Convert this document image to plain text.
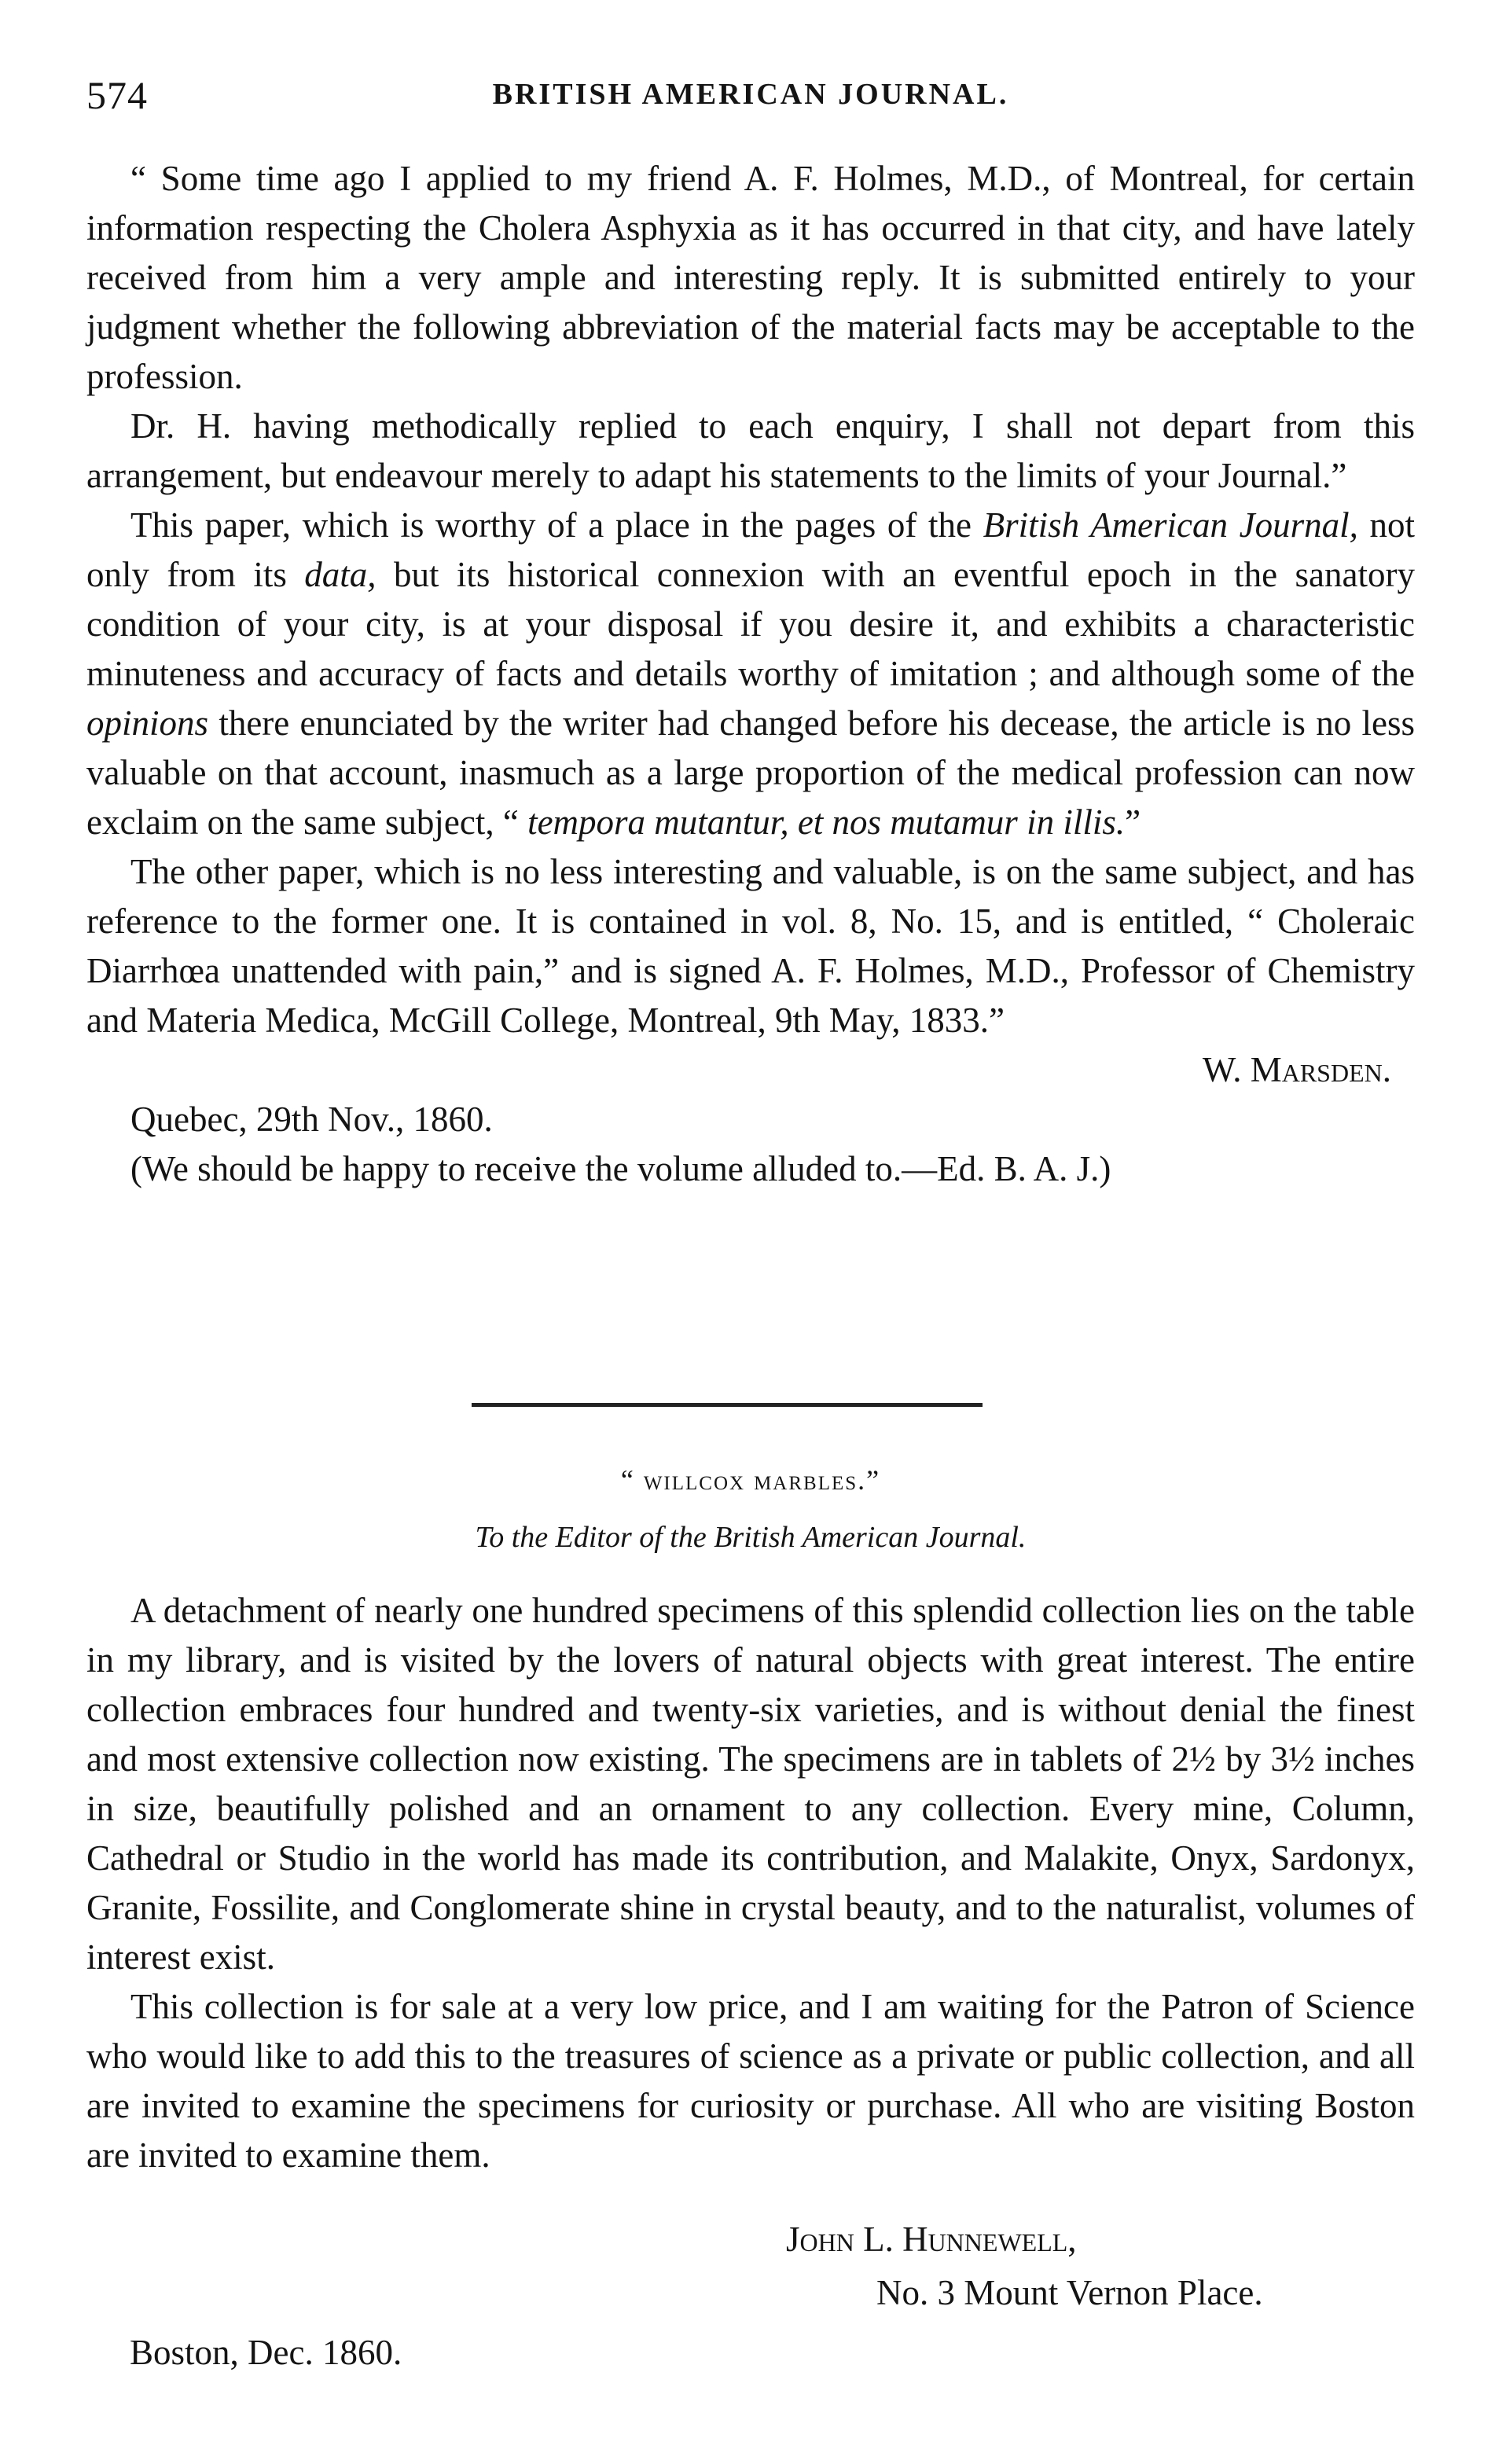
574	BRITISH AMERICAN JOURNAL.

“ Some time ago I applied to my friend A. F. Holmes, M.D., of Montreal, for certain information respecting the Cholera Asphyxia as it has occurred in that city, and have lately received from him a very ample and interesting reply. It is submitted entirely to your judgment whether the following abbreviation of the material facts may be acceptable to the profession.

Dr. H. having methodically replied to each enquiry, I shall not depart from this arrangement, but endeavour merely to adapt his statements to the limits of your Journal.”

This paper, which is worthy of a place in the pages of the British American Journal, not only from its data, but its historical connexion with an eventful epoch in the sanatory condition of your city, is at your disposal if you desire it, and exhibits a characteristic minuteness and accuracy of facts and details worthy of imitation ; and although some of the opinions there enunciated by the writer had changed before his decease, the article is no less valuable on that account, inasmuch as a large proportion of the medical profession can now exclaim on the same subject, “ tempora mutantur, et nos mutamur in illis.”

The other paper, which is no less interesting and valuable, is on the same subject, and has reference to the former one. It is contained in vol. 8, No. 15, and is entitled, “ Choleraic Diarrhœa unattended with pain,” and is signed A. F. Holmes, M.D., Professor of Chemistry and Materia Medica, McGill College, Montreal, 9th May, 1833.”

W. Marsden.

Quebec, 29th Nov., 1860.

(We should be happy to receive the volume alluded to.—Ed. B. A. J.)

“ willcox marbles.”
To the Editor of the British American Journal.

A detachment of nearly one hundred specimens of this splendid collection lies on the table in my library, and is visited by the lovers of natural objects with great interest. The entire collection embraces four hundred and twenty-six varieties, and is without denial the finest and most extensive collection now existing. The specimens are in tablets of 2½ by 3½ inches in size, beautifully polished and an ornament to any collection. Every mine, Column, Cathedral or Studio in the world has made its contribution, and Malakite, Onyx, Sardonyx, Granite, Fossilite, and Conglomerate shine in crystal beauty, and to the naturalist, volumes of interest exist.

This collection is for sale at a very low price, and I am waiting for the Patron of Science who would like to add this to the treasures of science as a private or public collection, and all are invited to examine the specimens for curiosity or purchase. All who are visiting Boston are invited to examine them.

John L. Hunnewell,
No. 3 Mount Vernon Place.
Boston, Dec. 1860.
